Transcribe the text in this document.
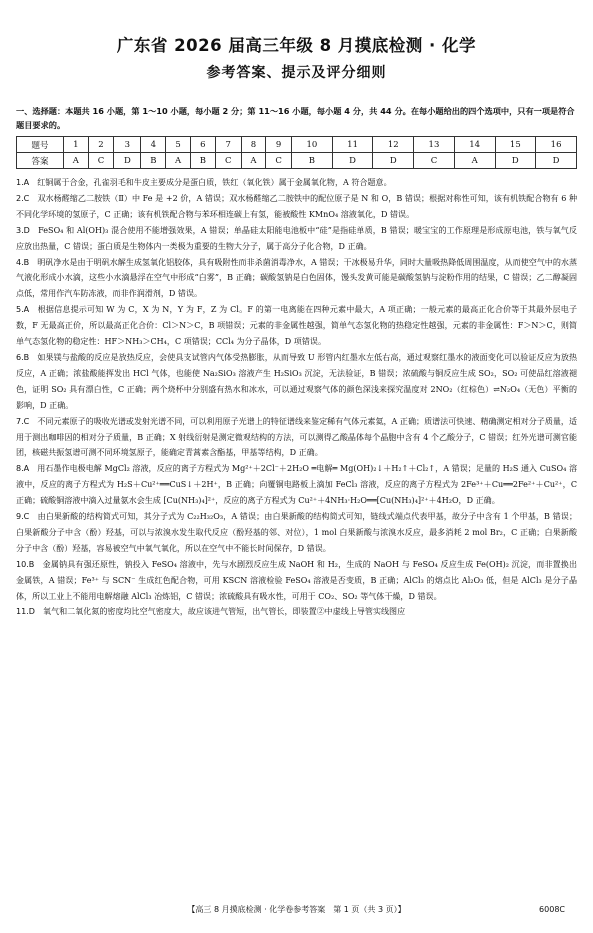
广东省 2026 届高三年级 8 月摸底检测 · 化学
参考答案、提示及评分细则
一、选择题：本题共 16 小题，第 1～10 小题，每小题 2 分；第 11～16 小题，每小题 4 分，共 44 分。在每小题给出的四个选项中，只有一项是符合题目要求的。
题号	1	2	3	4	5	6	7	8	9	10	11	12	13	14	15	16
答案	A	C	D	B	A	B	C	A	C	B	D	D	C	A	D	D

1.A　 红铜属于合金，孔雀羽毛和牛皮主要成分是蛋白质，铁红（氧化铁）属于金属氧化物，A 符合题意。

2.C　 双水杨醛缩乙二胺铁（Ⅱ）中 Fe 是 +2 价，A 错误；双水杨醛缩乙二胺铁中的配位原子是 N 和 O，B 错误；根据对称性可知，该有机铁配合物有 6 种不同化学环境的氢原子，C 正确；该有机铁配合物与苯环相连碳上有氢，能被酸性 KMnO₄ 溶液氧化，D 错误。

3.D　 FeSO₄ 和 Al(OH)₃ 混合使用不能增强效果，A 错误；单晶硅太阳能电池板中“硅”是指硅单质，B 错误；暖宝宝的工作原理是形成原电池，铁与氧气反应放出热量，C 错误；蛋白质是生物体内一类极为重要的生物大分子，属于高分子化合物，D 正确。

4.B　 明矾净水是由于明矾水解生成氢氧化铝胶体，具有吸附性而非杀菌消毒净水，A 错误；干冰极易升华，同时大量吸热降低周围温度，从而使空气中的水蒸气液化形成小水滴，这些小水滴悬浮在空气中形成“白雾”，B 正确；碳酸氢钠是白色固体，馒头发黄可能是碳酸氢钠与淀粉作用的结果，C 错误；乙二醇凝固点低，常用作汽车防冻液，而非作润滑剂，D 错误。

5.A　 根据信息提示可知 W 为 C，X 为 N，Y 为 F，Z 为 Cl。F 的第一电离能在四种元素中最大，A 项正确；一般元素的最高正化合价等于其最外层电子数，F 无最高正价，所以最高正化合价：Cl＞N＞C，B 项错误；元素的非金属性越强，简单气态氢化物的热稳定性越强，元素的非金属性：F＞N＞C，则简单气态氢化物的稳定性：HF＞NH₃＞CH₄，C 项错误；CCl₄ 为分子晶体，D 项错误。

6.B　 如果镁与盐酸的反应是放热反应，会使具支试管内气体受热膨胀，从而导致 U 形管内红墨水左低右高，通过观察红墨水的液面变化可以验证反应为放热反应，A 正确；浓盐酸能挥发出 HCl 气体，也能使 Na₂SiO₃ 溶液产生 H₂SiO₃ 沉淀，无法验证，B 错误；浓硫酸与铜反应生成 SO₂，SO₂ 可使品红溶液褪色，证明 SO₂ 具有漂白性，C 正确；两个烧杯中分别盛有热水和冰水，可以通过观察气体的颜色深浅来探究温度对 2NO₂（红棕色）⇌N₂O₄（无色）平衡的影响，D 正确。

7.C　 不同元素原子的吸收光谱或发射光谱不同，可以利用原子光谱上的特征谱线来鉴定稀有气体元素氦，A 正确；质谱法可快速、精确测定相对分子质量，适用于测出咖啡因的相对分子质量，B 正确；X 射线衍射是测定微观结构的方法，可以测得乙酸晶体每个晶胞中含有 4 个乙酸分子，C 错误；红外光谱可测官能团，核磁共振氢谱可测不同环境氢原子，能确定青蒿素含酯基，甲基等结构，D 正确。

8.A　 用石墨作电极电解 MgCl₂ 溶液，反应的离子方程式为 Mg²⁺＋2Cl⁻＋2H₂O ═电解═ Mg(OH)₂↓＋H₂↑＋Cl₂↑，A 错误；足量的 H₂S 通入 CuSO₄ 溶液中，反应的离子方程式为 H₂S＋Cu²⁺══CuS↓＋2H⁺，B 正确；向覆铜电路板上滴加 FeCl₃ 溶液，反应的离子方程式为 2Fe³⁺＋Cu══2Fe²⁺＋Cu²⁺，C 正确；硫酸铜溶液中滴入过量氨水会生成 [Cu(NH₃)₄]²⁺，反应的离子方程式为 Cu²⁺＋4NH₃·H₂O══[Cu(NH₃)₄]²⁺＋4H₂O，D 正确。

9.C　 由白果新酸的结构简式可知，其分子式为 C₂₂H₃₂O₃，A 错误；由白果新酸的结构简式可知，链线式端点代表甲基，故分子中含有 1 个甲基，B 错误；白果新酸分子中含（酚）羟基，可以与浓溴水发生取代反应（酚羟基的邻、对位），1 mol 白果新酸与浓溴水反应，最多消耗 2 mol Br₂，C 正确；白果新酸分子中含（酚）羟基，容易被空气中氧气氧化，所以在空气中不能长时间保存，D 错误。

10.B　 金属钠具有强还原性，钠投入 FeSO₄ 溶液中，先与水剧烈反应生成 NaOH 和 H₂，生成的 NaOH 与 FeSO₄ 反应生成 Fe(OH)₂ 沉淀，而非置换出金属铁，A 错误；Fe³⁺ 与 SCN⁻ 生成红色配合物，可用 KSCN 溶液检验 FeSO₄ 溶液是否变质，B 正确；AlCl₃ 的熔点比 Al₂O₃ 低，但是 AlCl₃ 是分子晶体，所以工业上不能用电解熔融 AlCl₃ 冶炼铝，C 错误；浓硫酸具有吸水性，可用于 CO₂、SO₂ 等气体干燥，D 错误。

11.D　 氧气和二氧化氮的密度均比空气密度大，故应该进气管短，出气管长，即装置②中虚线上导管实线图应

【高三 8 月摸底检测 · 化学卷参考答案　第 1 页（共 3 页）】	6008C
